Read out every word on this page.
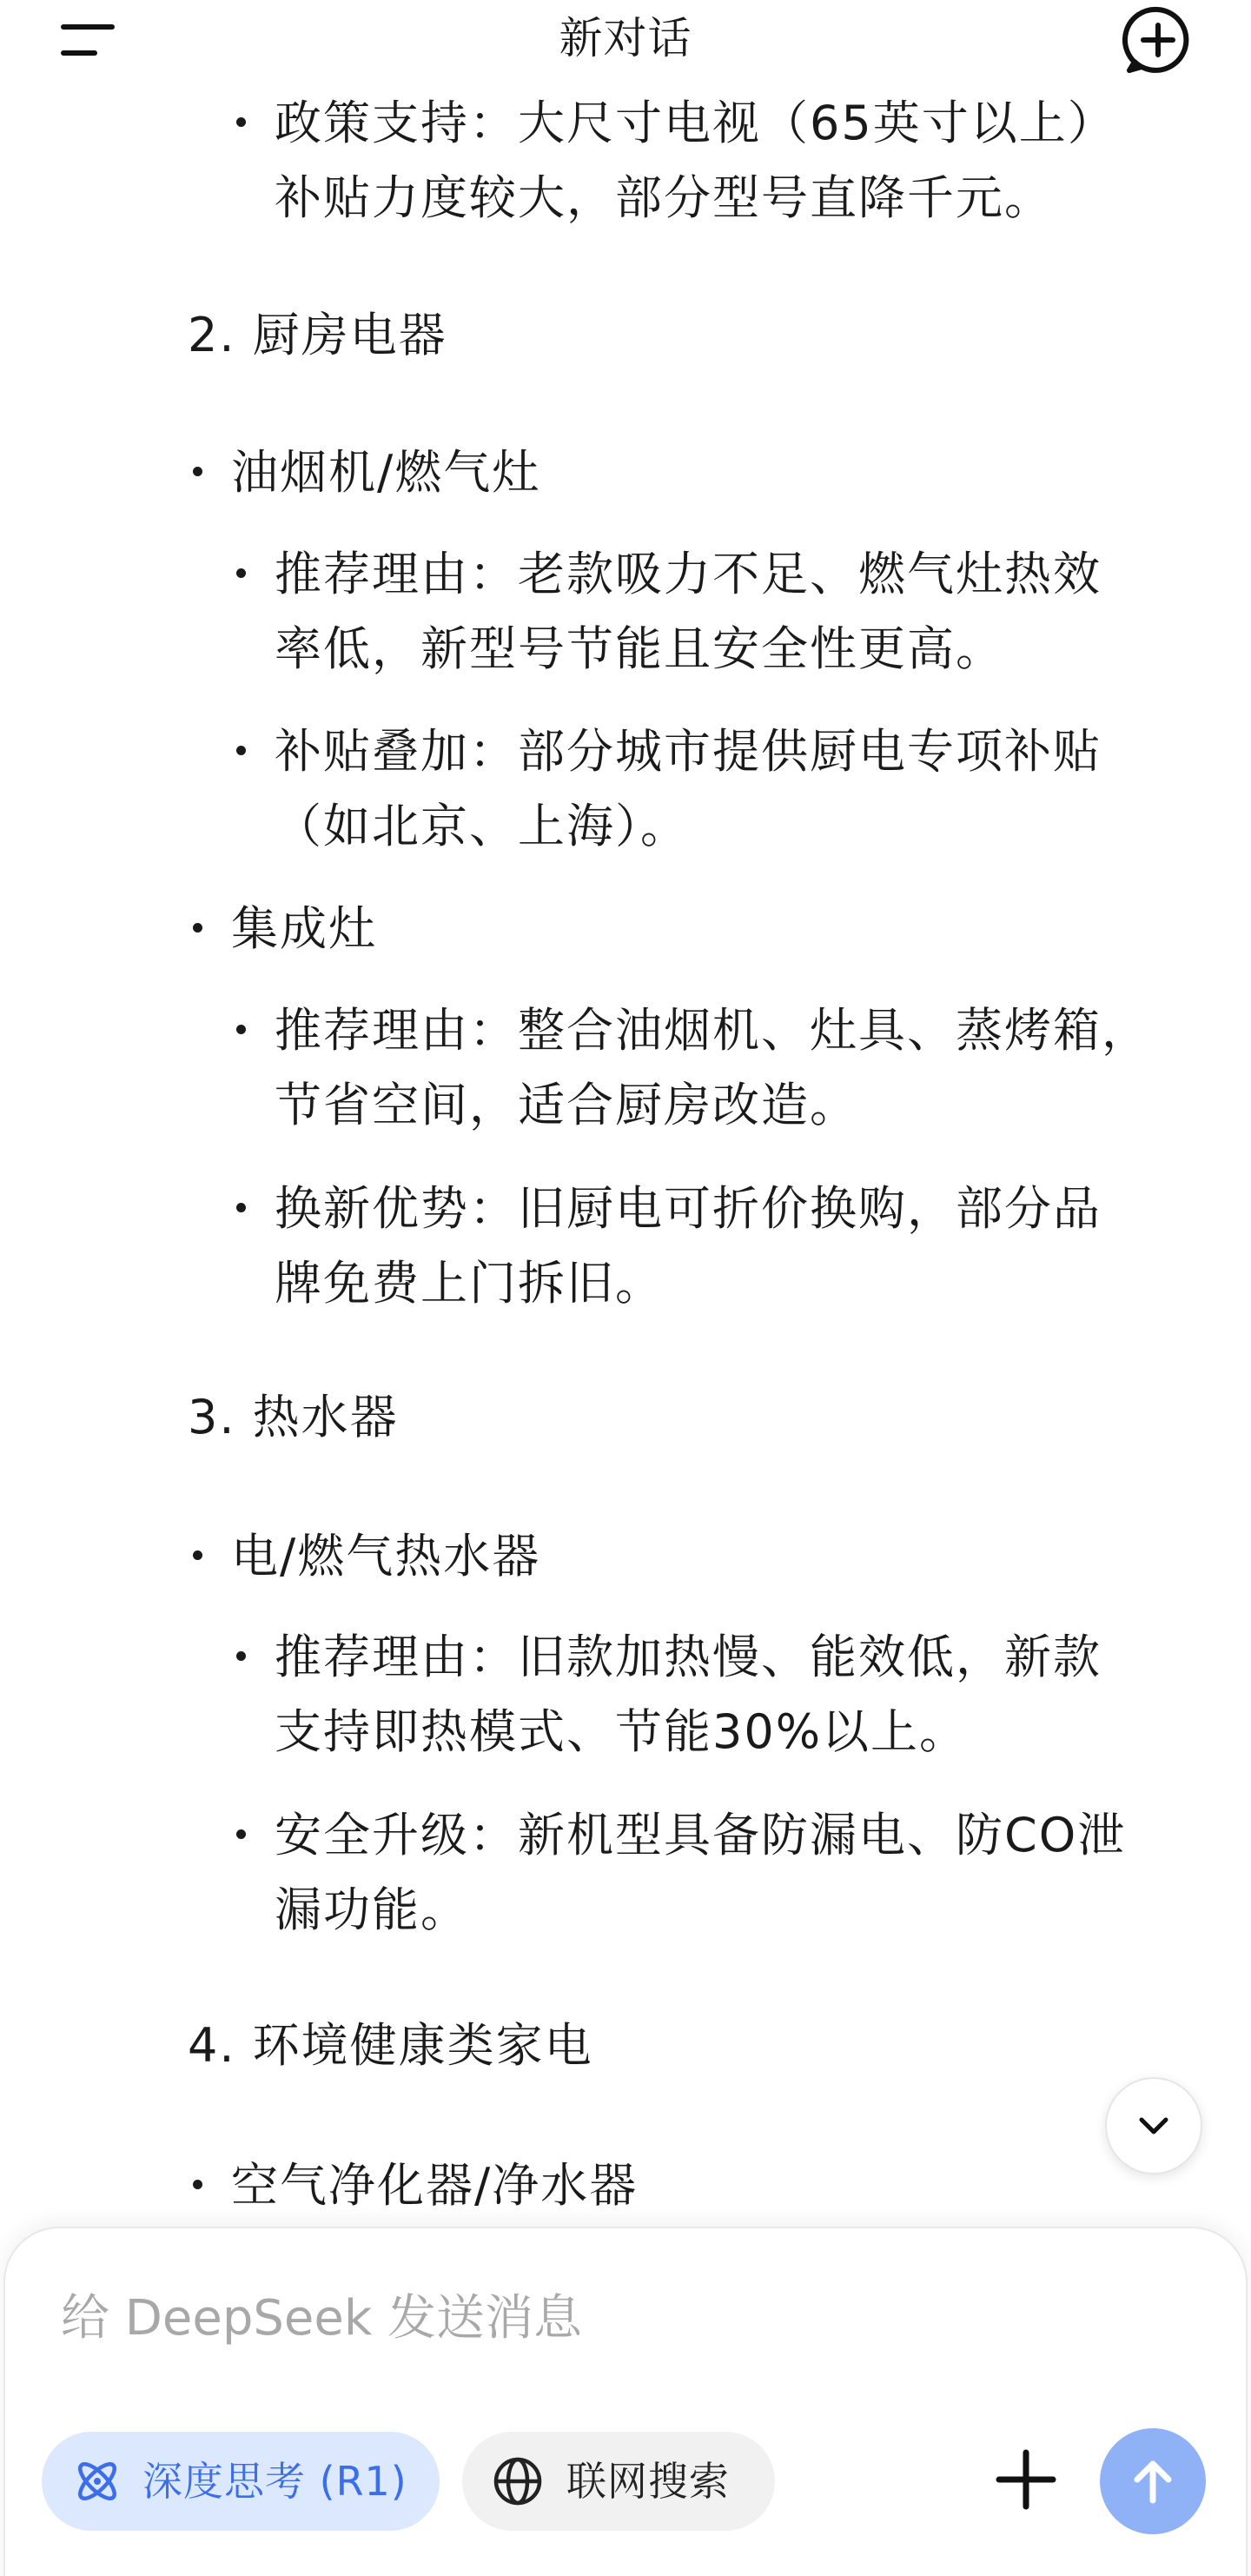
政策支持：大尺寸电视（65英寸以上）
补贴力度较大，部分型号直降千元。
2. 厨房电器
油烟机/燃气灶
推荐理由：老款吸力不足、燃气灶热效
率低，新型号节能且安全性更高。
补贴叠加：部分城市提供厨电专项补贴
（如北京、上海）。
集成灶
推荐理由：整合油烟机、灶具、蒸烤箱，
节省空间，适合厨房改造。
换新优势：旧厨电可折价换购，部分品
牌免费上门拆旧。
3. 热水器
电/燃气热水器
推荐理由：旧款加热慢、能效低，新款
支持即热模式、节能30%以上。
安全升级：新机型具备防漏电、防CO泄
漏功能。
4. 环境健康类家电
空气净化器/净水器
新对话
给 DeepSeek 发送消息
深度思考 (R1)	联网搜索
